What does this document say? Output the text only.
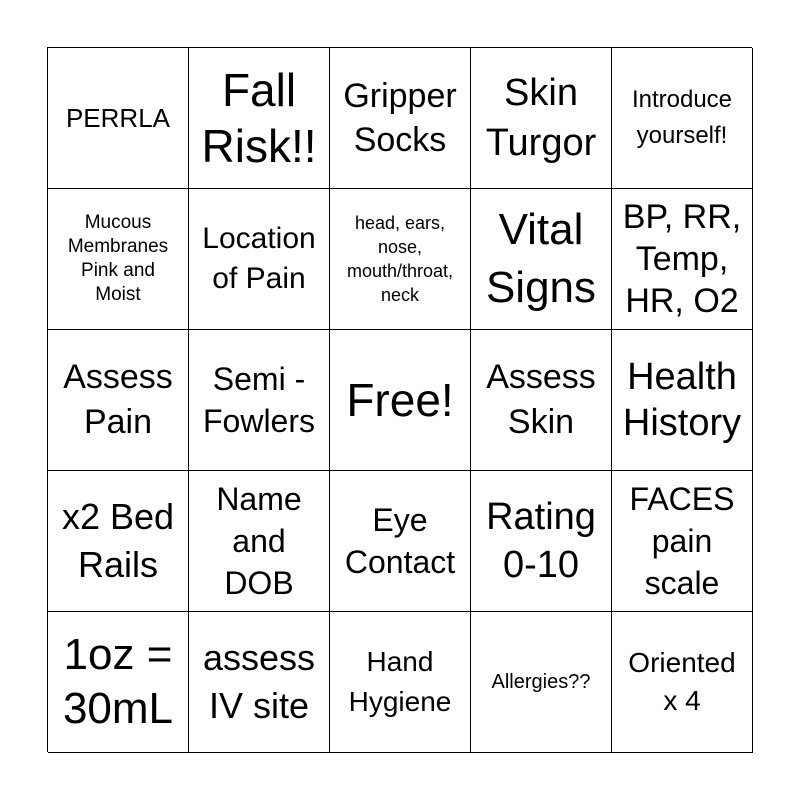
PERRLA
Fall
Risk!!
Gripper
Socks
Skin
Turgor
Introduce
yourself!
Mucous
Membranes
Pink and
Moist
Location
of Pain
head, ears,
nose,
mouth/throat,
neck
Vital
Signs
BP, RR,
Temp,
HR, O2
Assess
Pain
Semi -
Fowlers Free! Assess
Skin
Health
History
x2 Bed
Rails
Name
and
DOB
Eye
Contact
Rating
0-10
FACES
pain
scale
1oz =
30mL
assess
IV site
Hand
Hygiene
Allergies??
Oriented
x 4
